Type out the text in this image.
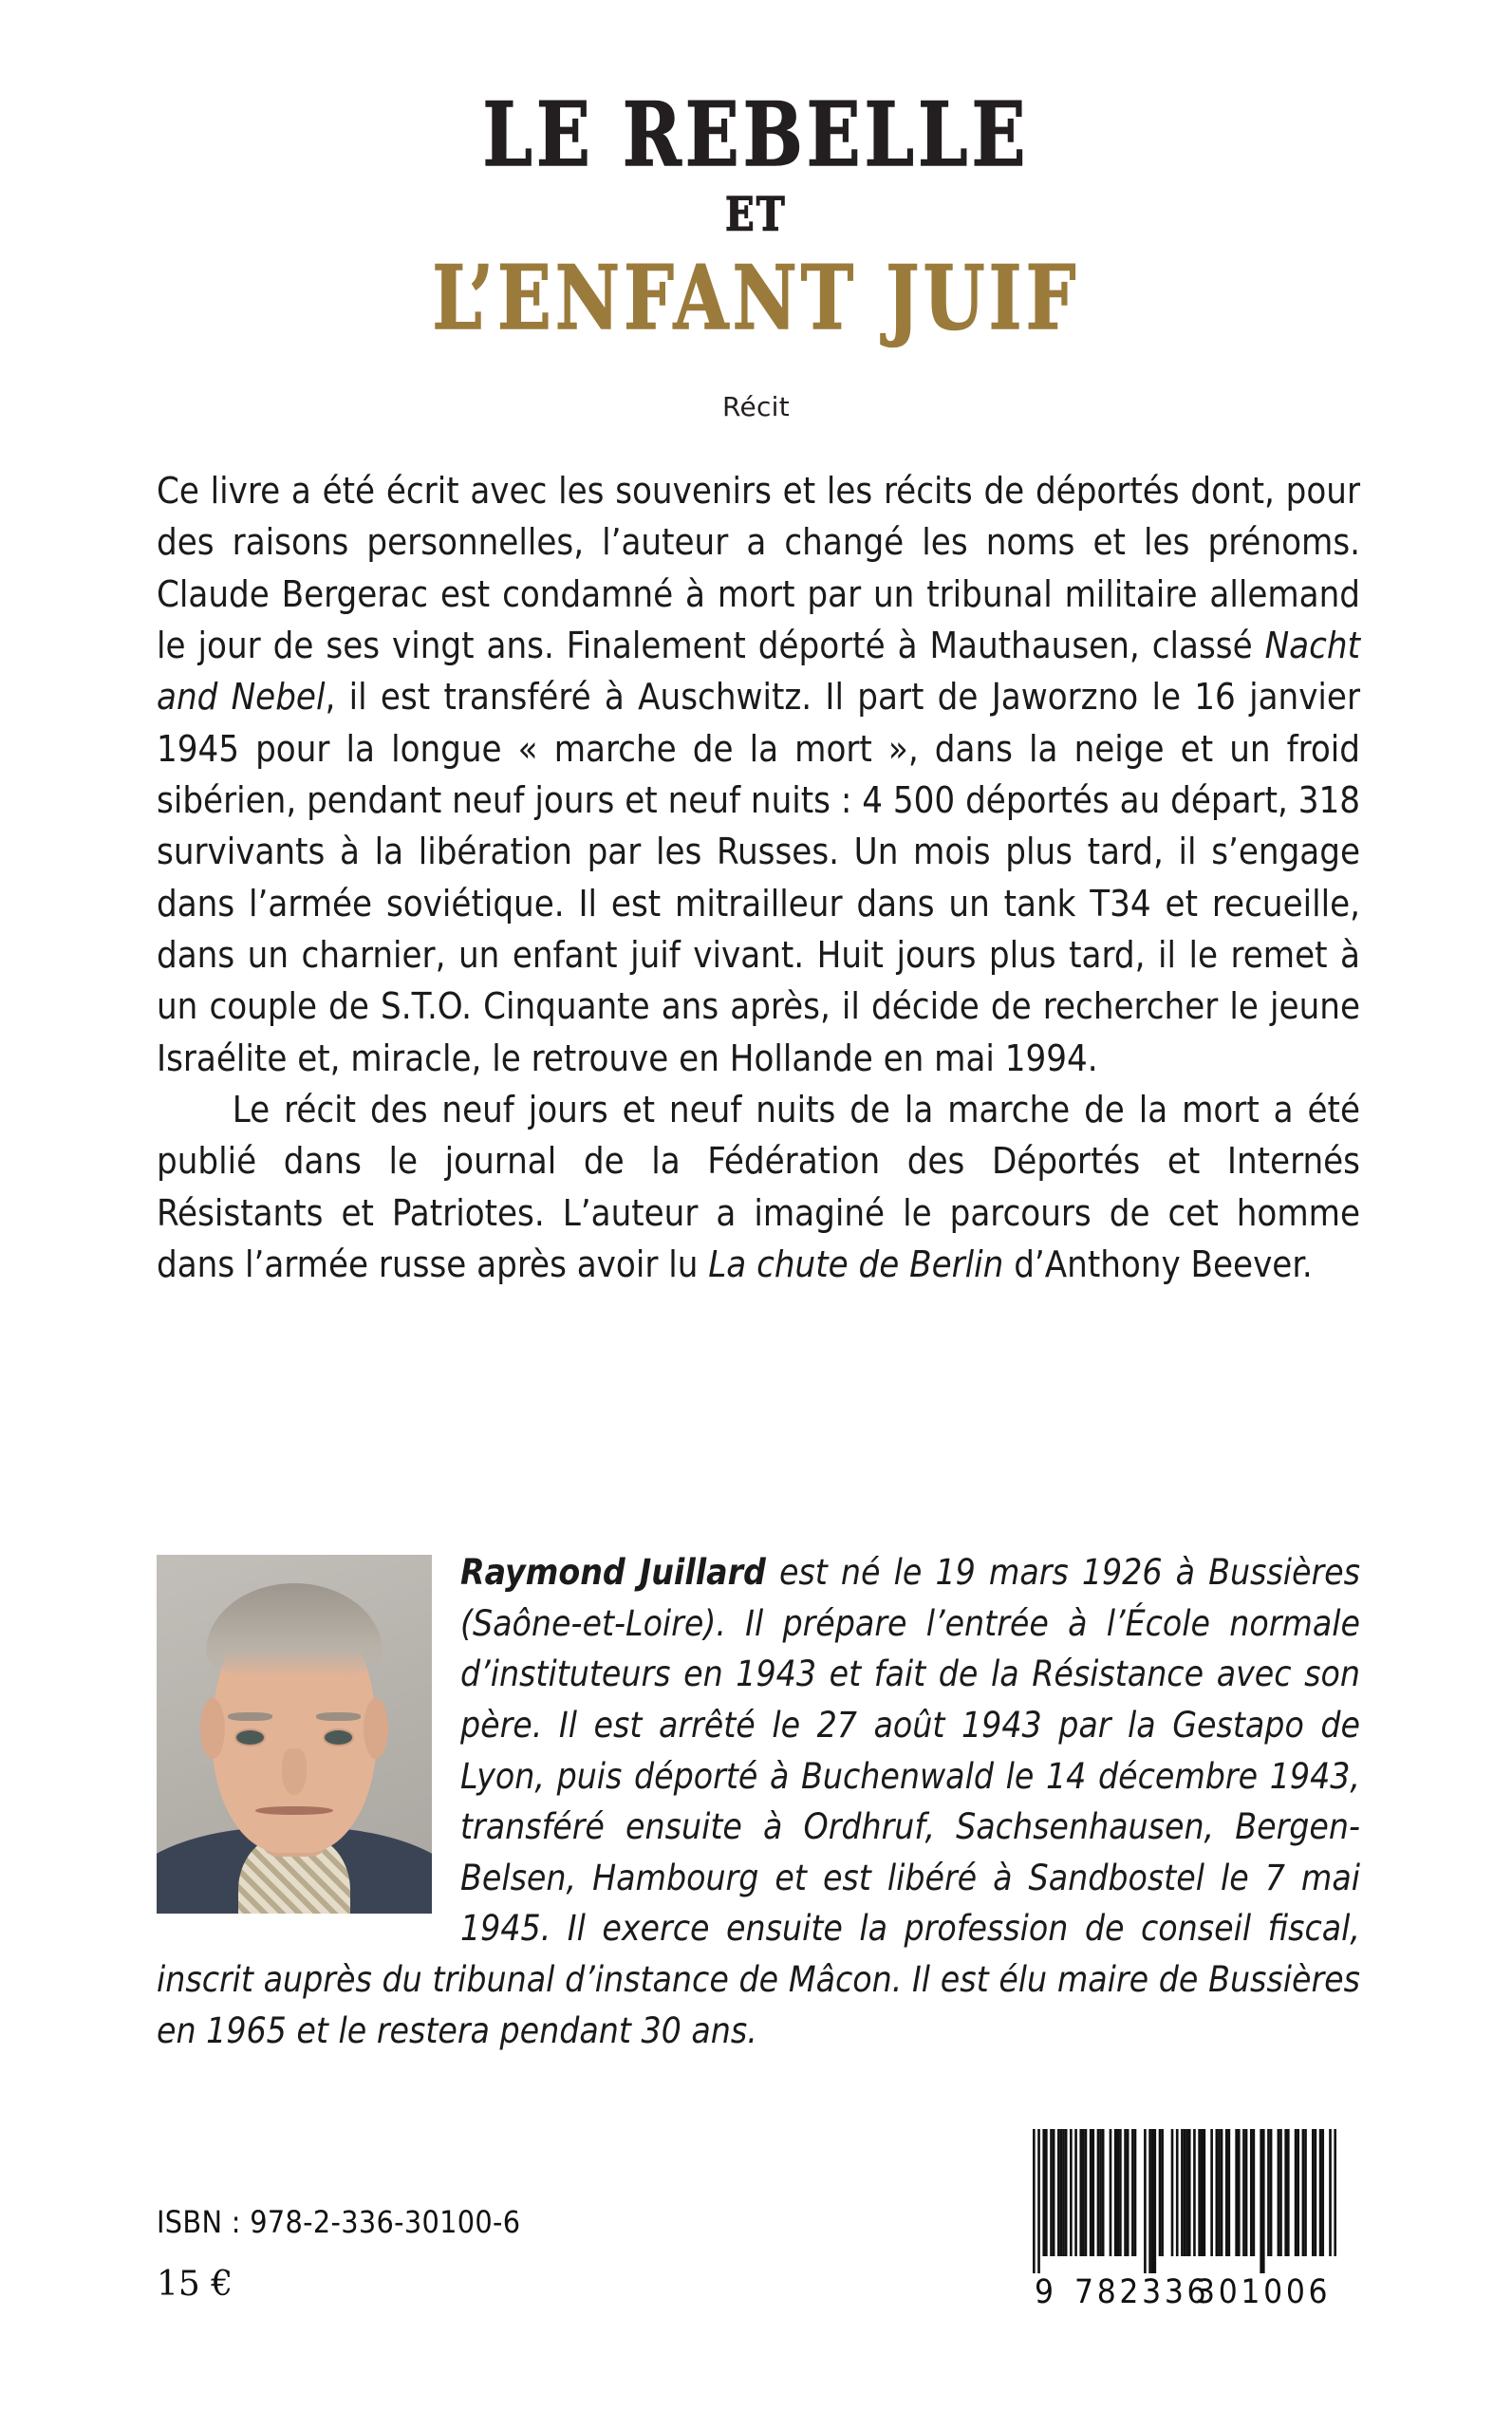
LE REBELLE
ET
L’ENFANT JUIF
Récit

Ce livre a été écrit avec les souvenirs et les récits de déportés dont, pour des raisons personnelles, l’auteur a changé les noms et les prénoms. Claude Bergerac est condamné à mort par un tribunal militaire allemand le jour de ses vingt ans. Finalement déporté à Mauthausen, classé Nacht and Nebel, il est transféré à Auschwitz. Il part de Jaworzno le 16 janvier 1945 pour la longue « marche de la mort », dans la neige et un froid sibérien, pendant neuf jours et neuf nuits : 4 500 déportés au départ, 318 survivants à la libération par les Russes. Un mois plus tard, il s’engage dans l’armée soviétique. Il est mitrailleur dans un tank T34 et recueille, dans un charnier, un enfant juif vivant. Huit jours plus tard, il le remet à un couple de S.T.O. Cinquante ans après, il décide de rechercher le jeune Israélite et, miracle, le retrouve en Hollande en mai 1994.

Le récit des neuf jours et neuf nuits de la marche de la mort a été publié dans le journal de la Fédération des Déportés et Internés Résistants et Patriotes. L’auteur a imaginé le parcours de cet homme dans l’armée russe après avoir lu La chute de Berlin d’Anthony Beever.

Raymond Juillard est né le 19 mars 1926 à Bussières (Saône-et-Loire). Il prépare l’entrée à l’École normale d’instituteurs en 1943 et fait de la Résistance avec son père. Il est arrêté le 27 août 1943 par la Gestapo de Lyon, puis déporté à Buchenwald le 14 décembre 1943, transféré ensuite à Ordhruf, Sachsenhausen, Bergen-Belsen, Hambourg et est libéré à Sandbostel le 7 mai 1945. Il exerce ensuite la profession de conseil fiscal, inscrit auprès du tribunal d’instance de Mâcon. Il est élu maire de Bussières en 1965 et le restera pendant 30 ans.
ISBN : 978-2-336-30100-6
15 €	9 782336
301006
